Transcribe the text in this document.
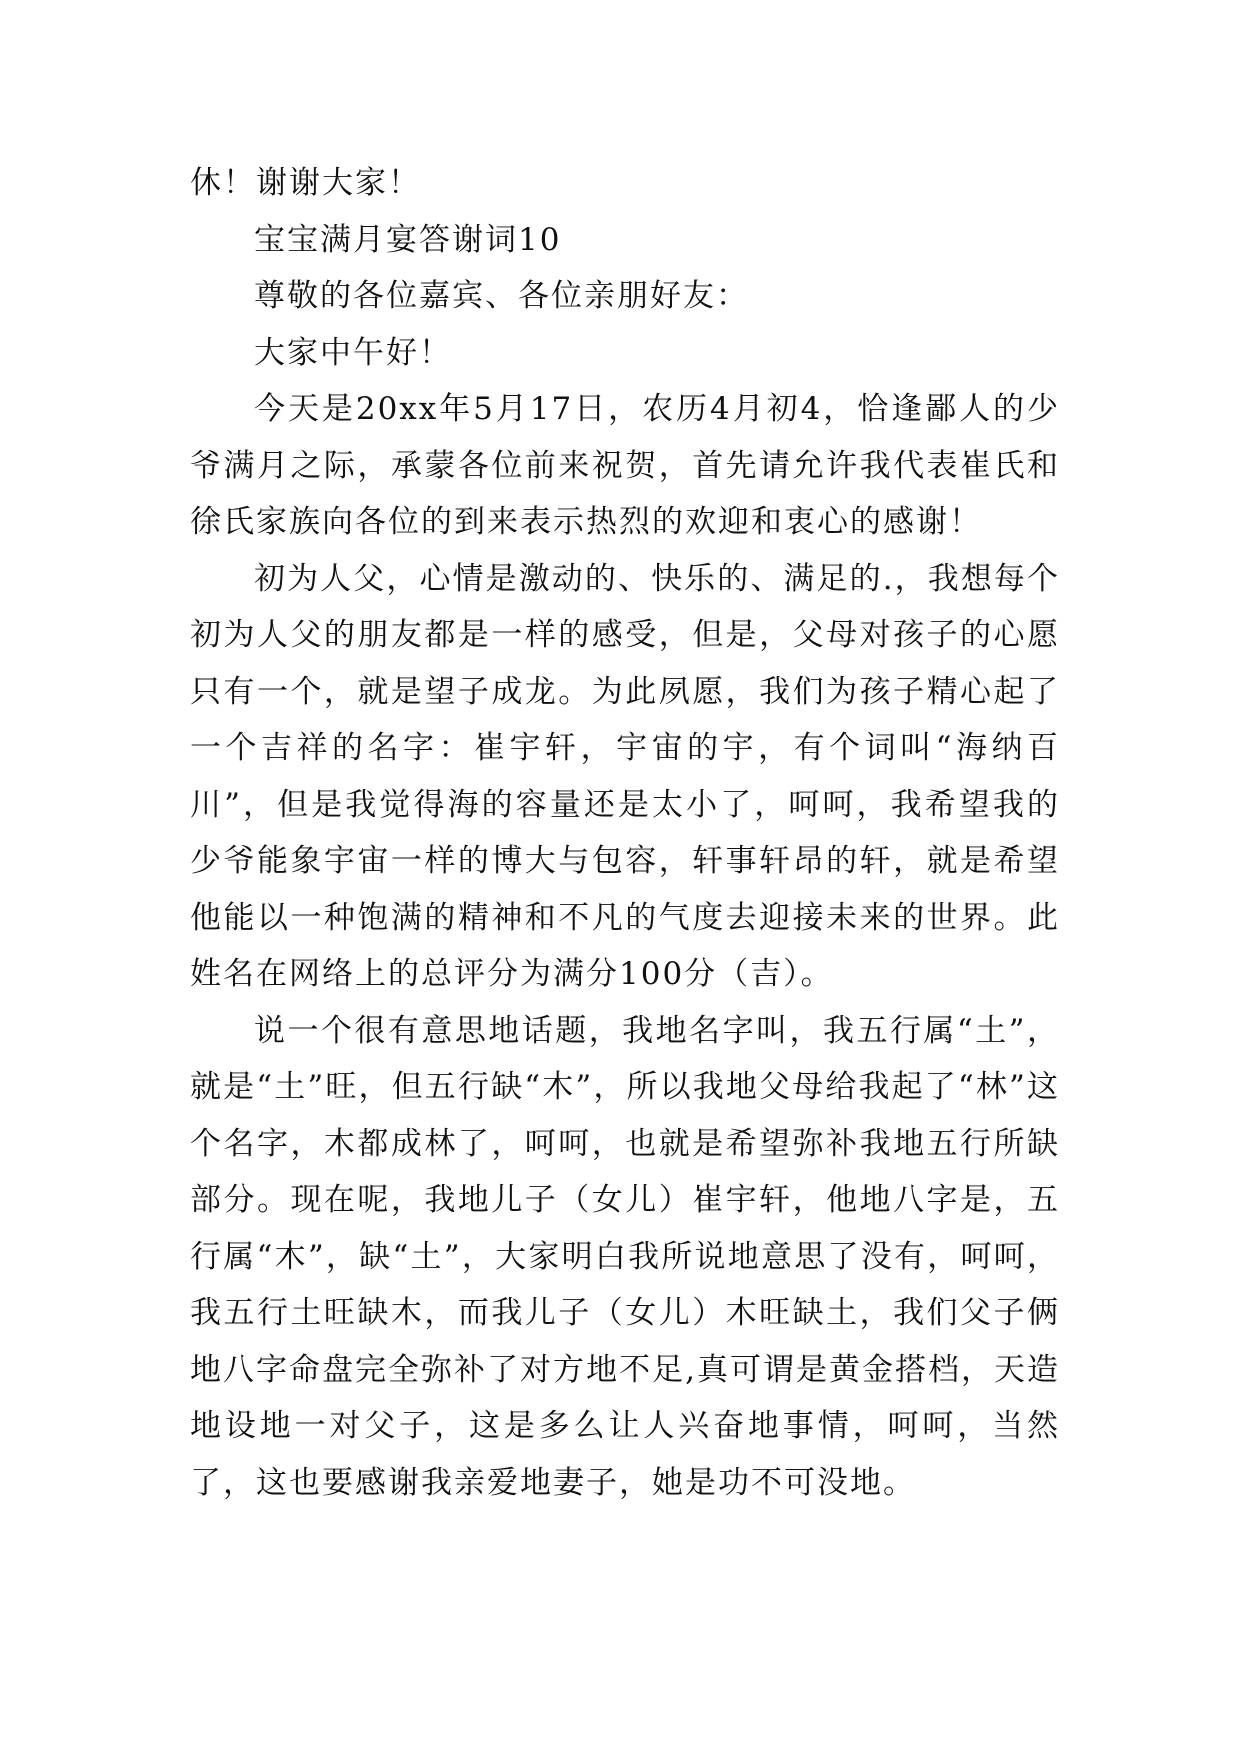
休！谢谢大家！

宝宝满月宴答谢词10

尊敬的各位嘉宾、各位亲朋好友：

大家中午好！

今天是20xx年5月17日，农历4月初4，恰逢鄙人的少爷满月之际，承蒙各位前来祝贺，首先请允许我代表崔氏和徐氏家族向各位的到来表示热烈的欢迎和衷心的感谢！

初为人父，心情是激动的、快乐的、满足的.，我想每个初为人父的朋友都是一样的感受，但是，父母对孩子的心愿只有一个，就是望子成龙。为此夙愿，我们为孩子精心起了一个吉祥的名字：崔宇轩，宇宙的宇，有个词叫“海纳百川”，但是我觉得海的容量还是太小了，呵呵，我希望我的少爷能象宇宙一样的博大与包容，轩事轩昂的轩，就是希望他能以一种饱满的精神和不凡的气度去迎接未来的世界。此姓名在网络上的总评分为满分100分（吉）。

说一个很有意思地话题，我地名字叫，我五行属“土”，就是“土”旺，但五行缺“木”，所以我地父母给我起了“林”这个名字，木都成林了，呵呵，也就是希望弥补我地五行所缺部分。现在呢，我地儿子（女儿）崔宇轩，他地八字是，五行属“木”，缺“土”，大家明白我所说地意思了没有，呵呵，我五行土旺缺木，而我儿子（女儿）木旺缺土，我们父子俩地八字命盘完全弥补了对方地不足,真可谓是黄金搭档，天造地设地一对父子，这是多么让人兴奋地事情，呵呵，当然了，这也要感谢我亲爱地妻子，她是功不可没地。
